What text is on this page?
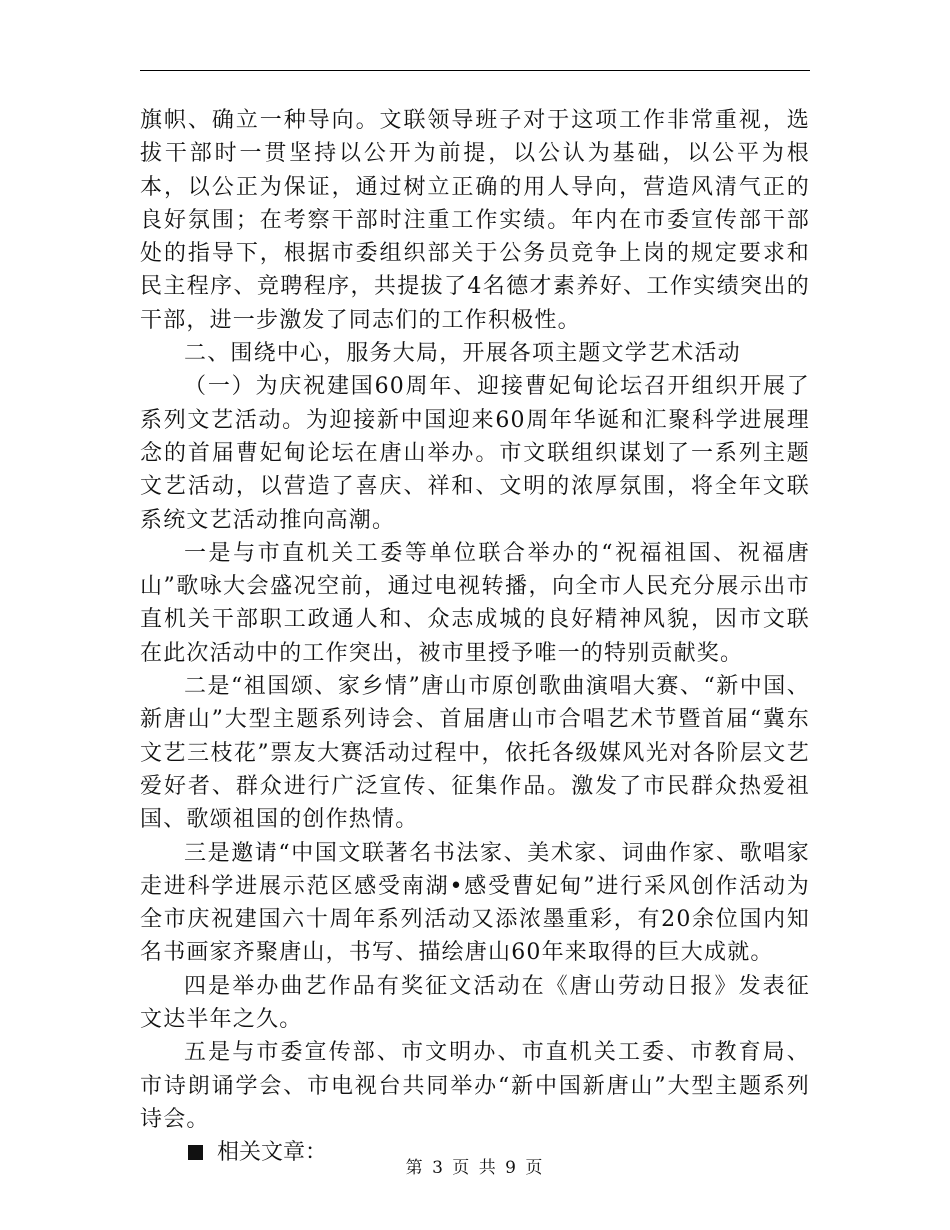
旗帜、确立一种导向。文联领导班子对于这项工作非常重视，选拔干部时一贯坚持以公开为前提，以公认为基础，以公平为根本，以公正为保证，通过树立正确的用人导向，营造风清气正的良好氛围；在考察干部时注重工作实绩。年内在市委宣传部干部处的指导下，根据市委组织部关于公务员竞争上岗的规定要求和民主程序、竞聘程序，共提拔了4名德才素养好、工作实绩突出的干部，进一步激发了同志们的工作积极性。

二、围绕中心，服务大局，开展各项主题文学艺术活动

（一）为庆祝建国60周年、迎接曹妃甸论坛召开组织开展了系列文艺活动。为迎接新中国迎来60周年华诞和汇聚科学进展理念的首届曹妃甸论坛在唐山举办。市文联组织谋划了一系列主题文艺活动，以营造了喜庆、祥和、文明的浓厚氛围，将全年文联系统文艺活动推向高潮。

一是与市直机关工委等单位联合举办的“祝福祖国、祝福唐山”歌咏大会盛况空前，通过电视转播，向全市人民充分展示出市直机关干部职工政通人和、众志成城的良好精神风貌，因市文联在此次活动中的工作突出，被市里授予唯一的特别贡献奖。

二是“祖国颂、家乡情”唐山市原创歌曲演唱大赛、“新中国、新唐山”大型主题系列诗会、首届唐山市合唱艺术节暨首届“冀东文艺三枝花”票友大赛活动过程中，依托各级媒风光对各阶层文艺爱好者、群众进行广泛宣传、征集作品。激发了市民群众热爱祖国、歌颂祖国的创作热情。

三是邀请“中国文联著名书法家、美术家、词曲作家、歌唱家走进科学进展示范区感受南湖•感受曹妃甸”进行采风创作活动为全市庆祝建国六十周年系列活动又添浓墨重彩，有20余位国内知名书画家齐聚唐山，书写、描绘唐山60年来取得的巨大成就。

四是举办曲艺作品有奖征文活动在《唐山劳动日报》发表征文达半年之久。

五是与市委宣传部、市文明办、市直机关工委、市教育局、市诗朗诵学会、市电视台共同举办“新中国新唐山”大型主题系列诗会。

相关文章：

第 3 页 共 9 页
